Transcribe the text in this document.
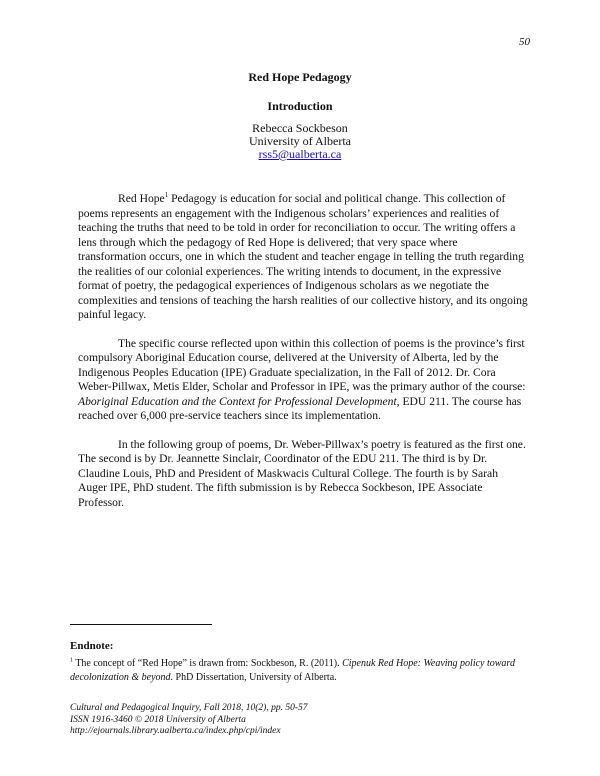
50
Red Hope Pedagogy
Introduction
Rebecca Sockbeson
University of Alberta
rss5@ualberta.ca

Red Hope$^1$ Pedagogy is education for social and political change. This collection of poems represents an engagement with the Indigenous scholars’ experiences and realities of teaching the truths that need to be told in order for reconciliation to occur. The writing offers a lens through which the pedagogy of Red Hope is delivered; that very space where transformation occurs, one in which the student and teacher engage in telling the truth regarding the realities of our colonial experiences. The writing intends to document, in the expressive format of poetry, the pedagogical experiences of Indigenous scholars as we negotiate the complexities and tensions of teaching the harsh realities of our collective history, and its ongoing painful legacy.

The specific course reflected upon within this collection of poems is the province’s first compulsory Aboriginal Education course, delivered at the University of Alberta, led by the Indigenous Peoples Education (IPE) Graduate specialization, in the Fall of 2012. Dr. Cora Weber-Pillwax, Metis Elder, Scholar and Professor in IPE, was the primary author of the course: Aboriginal Education and the Context for Professional Development, EDU 211. The course has reached over 6,000 pre-service teachers since its implementation.

In the following group of poems, Dr. Weber-Pillwax’s poetry is featured as the first one. The second is by Dr. Jeannette Sinclair, Coordinator of the EDU 211. The third is by Dr. Claudine Louis, PhD and President of Maskwacis Cultural College. The fourth is by Sarah Auger IPE, PhD student. The fifth submission is by Rebecca Sockbeson, IPE Associate Professor.

Endnote:
$^1$ The concept of “Red Hope” is drawn from: Sockbeson, R. (2011). Cipenuk Red Hope: Weaving policy toward decolonization & beyond. PhD Dissertation, University of Alberta.
Cultural and Pedagogical Inquiry, Fall 2018, 10(2), pp. 50-57
ISSN 1916-3460 © 2018 University of Alberta
http://ejournals.library.ualberta.ca/index.php/cpi/index
